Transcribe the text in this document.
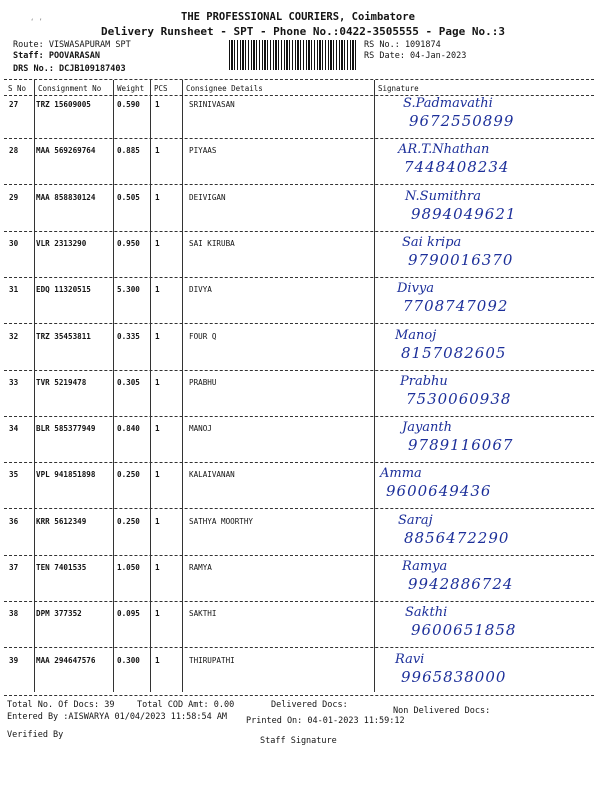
ʻ ʼ	THE PROFESSIONAL COURIERS, Coimbatore
Delivery Runsheet - SPT - Phone No.:0422-3505555 - Page No.:3
Route: VISWASAPURAM SPT
Staff: POOVARASAN
DRS No.: DCJB109187403
RS No.: 1091874
RS Date: 04-Jan-2023
S No Consignment No Weight PCS Consignee Details	Signature
27 TRZ 15609005	0.590 1	SRINIVASAN	S.Padmavathi
9672550899
28 MAA 569269764	0.885 1	PIYAAS	AR.T.Nhathan
7448408234
29 MAA 858830124	0.505 1	DEIVIGAN	N.Sumithra
9894049621
30 VLR 2313290	0.950 1	SAI KIRUBA	Sai kripa
9790016370
31 EDQ 11320515	5.300 1	DIVYA	Divya
7708747092
32 TRZ 35453811	0.335 1	FOUR Q	Manoj
8157082605
33 TVR 5219478	0.305 1	PRABHU	Prabhu
7530060938
34 BLR 585377949	0.840 1	MANOJ	Jayanth
9789116067
35 VPL 941851898	0.250 1	KALAIVANAN	Amma
9600649436
36 KRR 5612349	0.250 1	SATHYA MOORTHY	Saraj
8856472290
37 TEN 7401535	1.050 1	RAMYA	Ramya
9942886724
38 DPM 377352	0.095 1	SAKTHI	Sakthi
9600651858
39 MAA 294647576	0.300 1	THIRUPATHI	Ravi
9965838000
Total No. Of Docs: 39	Total COD Amt: 0.00	Delivered Docs:
Non Delivered Docs:
Entered By :AISWARYA 01/04/2023 11:58:54 AM Printed On: 04-01-2023 11:59:12
Verified By
Staff Signature
